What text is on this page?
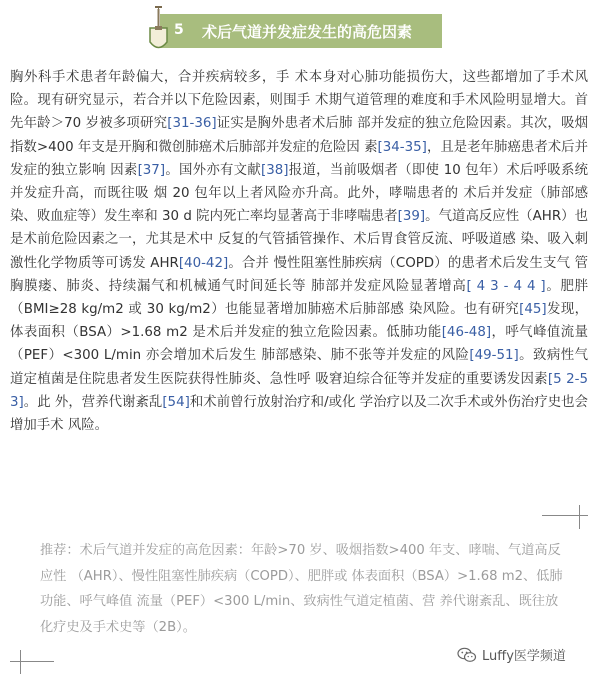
5 术后气道并发症发生的高危因素

胸外科手术患者年龄偏大，合并疾病较多，手 术本身对心肺功能损伤大，这些都增加了手术风险。现有研究显示，若合并以下危险因素，则围手 术期气道管理的难度和手术风险明显增大。首先年龄＞70 岁被多项研究[31-36]证实是胸外患者术后肺 部并发症的独立危险因素。其次，吸烟指数>400 年支是开胸和微创肺癌术后肺部并发症的危险因 素[34-35]，且是老年肺癌患者术后并发症的独立影响 因素[37]。国外亦有文献[38]报道，当前吸烟者（即使 10 包年）术后呼吸系统并发症升高，而既往吸 烟 20 包年以上者风险亦升高。此外，哮喘患者的 术后并发症（肺部感染、败血症等）发生率和 30 d 院内死亡率均显著高于非哮喘患者[39]。气道高反应性（AHR）也是术前危险因素之一，尤其是术中 反复的气管插管操作、术后胃食管反流、呼吸道感 染、吸入刺激性化学物质等可诱发 AHR[40-42]。合并 慢性阻塞性肺疾病（COPD）的患者术后发生支气 管胸膜瘘、肺炎、持续漏气和机械通气时间延长等 肺部并发症风险显著增高[ 4 3 - 4 4 ]。肥胖（BMI≥28 kg/m2 或 30 kg/m2）也能显著增加肺癌术后肺部感 染风险。也有研究[45]发现，体表面积（BSA）>1.68 m2 是术后并发症的独立危险因素。低肺功能[46-48]，呼气峰值流量（PEF）<300 L/min 亦会增加术后发生 肺部感染、肺不张等并发症的风险[49-51]。致病性气 道定植菌是住院患者发生医院获得性肺炎、急性呼 吸窘迫综合征等并发症的重要诱发因素[5 2-5 3]。此 外，营养代谢紊乱[54]和术前曾行放射治疗和/或化 学治疗以及二次手术或外伤治疗史也会增加手术 风险。

推荐：术后气道并发症的高危因素：年龄>70 岁、吸烟指数>400 年支、哮喘、气道高反应性 （AHR）、慢性阻塞性肺疾病（COPD）、肥胖或 体表面积（BSA）>1.68 m2、低肺功能、呼气峰值 流量（PEF）<300 L/min、致病性气道定植菌、营 养代谢紊乱、既往放化疗史及手术史等（2B）。

Luffy医学频道
